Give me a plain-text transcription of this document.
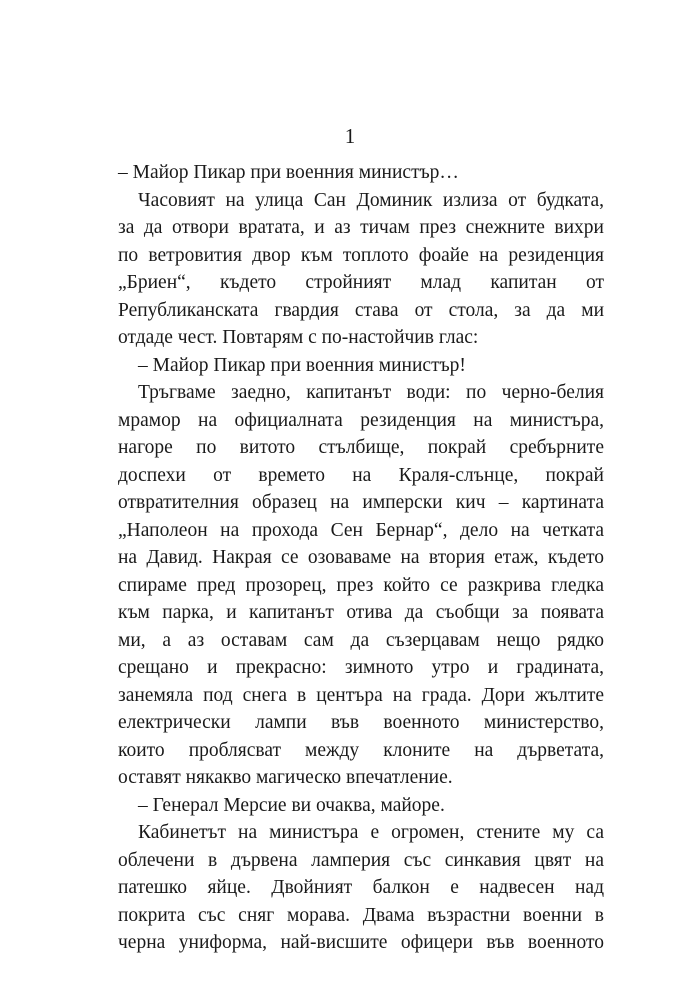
1
– Майор Пикар при военния министър…
Часовият на улица Сан Доминик излиза от будката,
за да отвори вратата, и аз тичам през снежните вихри
по ветровития двор към топлото фоайе на резиденция
„Бриен“, където стройният млад капитан от
Републиканската гвардия става от стола, за да ми
отдаде чест. Повтарям с по-настойчив глас:
– Майор Пикар при военния министър!
Тръгваме заедно, капитанът води: по черно-белия
мрамор на официалната резиденция на министъра,
нагоре по витото стълбище, покрай сребърните
доспехи от времето на Краля-слънце, покрай
отвратителния образец на имперски кич – картината
„Наполеон на прохода Сен Бернар“, дело на четката
на Давид. Накрая се озоваваме на втория етаж, където
спираме пред прозорец, през който се разкрива гледка
към парка, и капитанът отива да съобщи за появата
ми, а аз оставам сам да съзерцавам нещо рядко
срещано и прекрасно: зимното утро и градината,
занемяла под снега в центъра на града. Дори жълтите
електрически лампи във военното министерство,
които проблясват между клоните на дърветата,
оставят някакво магическо впечатление.
– Генерал Мерсие ви очаква, майоре.
Кабинетът на министъра е огромен, стените му са
облечени в дървена ламперия със синкавия цвят на
патешко яйце. Двойният балкон е надвесен над
покрита със сняг морава. Двама възрастни военни в
черна униформа, най-висшите офицери във военното
